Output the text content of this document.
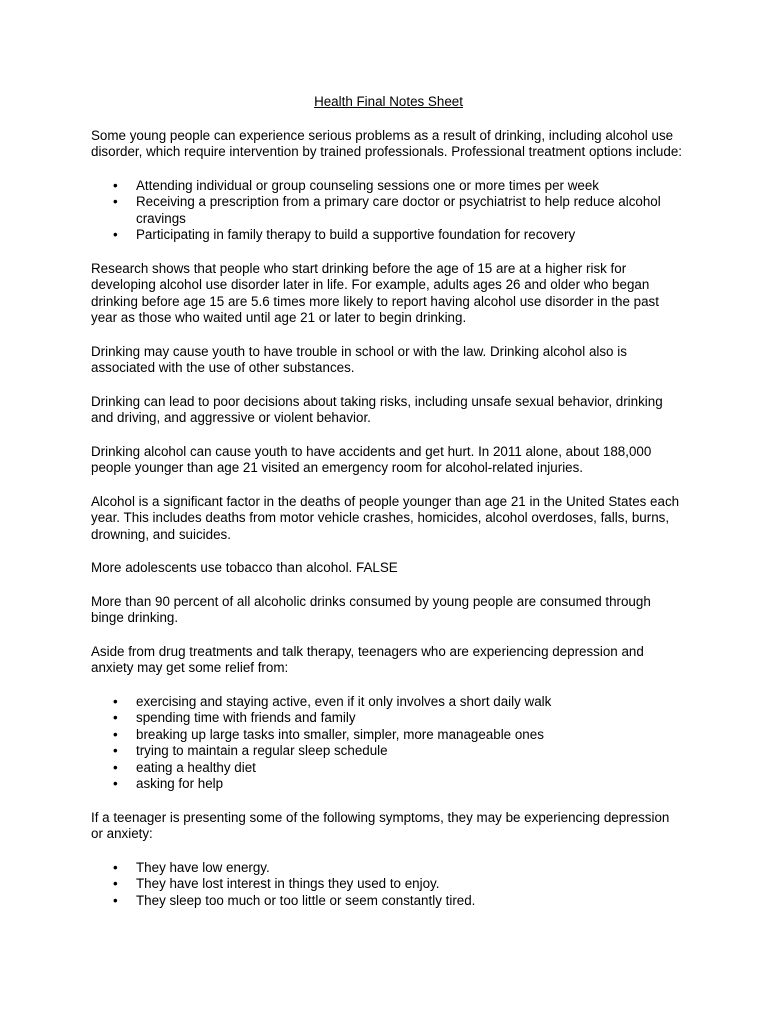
Health Final Notes Sheet

Some young people can experience serious problems as a result of drinking, including alcohol use disorder, which require intervention by trained professionals. Professional treatment options include:

• Attending individual or group counseling sessions one or more times per week
• Receiving a prescription from a primary care doctor or psychiatrist to help reduce alcohol cravings
• Participating in family therapy to build a supportive foundation for recovery

Research shows that people who start drinking before the age of 15 are at a higher risk for developing alcohol use disorder later in life. For example, adults ages 26 and older who began drinking before age 15 are 5.6 times more likely to report having alcohol use disorder in the past year as those who waited until age 21 or later to begin drinking.

Drinking may cause youth to have trouble in school or with the law. Drinking alcohol also is associated with the use of other substances.

Drinking can lead to poor decisions about taking risks, including unsafe sexual behavior, drinking and driving, and aggressive or violent behavior.

Drinking alcohol can cause youth to have accidents and get hurt. In 2011 alone, about 188,000 people younger than age 21 visited an emergency room for alcohol-related injuries.

Alcohol is a significant factor in the deaths of people younger than age 21 in the United States each year. This includes deaths from motor vehicle crashes, homicides, alcohol overdoses, falls, burns, drowning, and suicides.

More adolescents use tobacco than alcohol. FALSE

More than 90 percent of all alcoholic drinks consumed by young people are consumed through binge drinking.

Aside from drug treatments and talk therapy, teenagers who are experiencing depression and anxiety may get some relief from:

• exercising and staying active, even if it only involves a short daily walk
• spending time with friends and family
• breaking up large tasks into smaller, simpler, more manageable ones
• trying to maintain a regular sleep schedule
• eating a healthy diet
• asking for help

If a teenager is presenting some of the following symptoms, they may be experiencing depression or anxiety:

• They have low energy.
• They have lost interest in things they used to enjoy.
• They sleep too much or too little or seem constantly tired.
